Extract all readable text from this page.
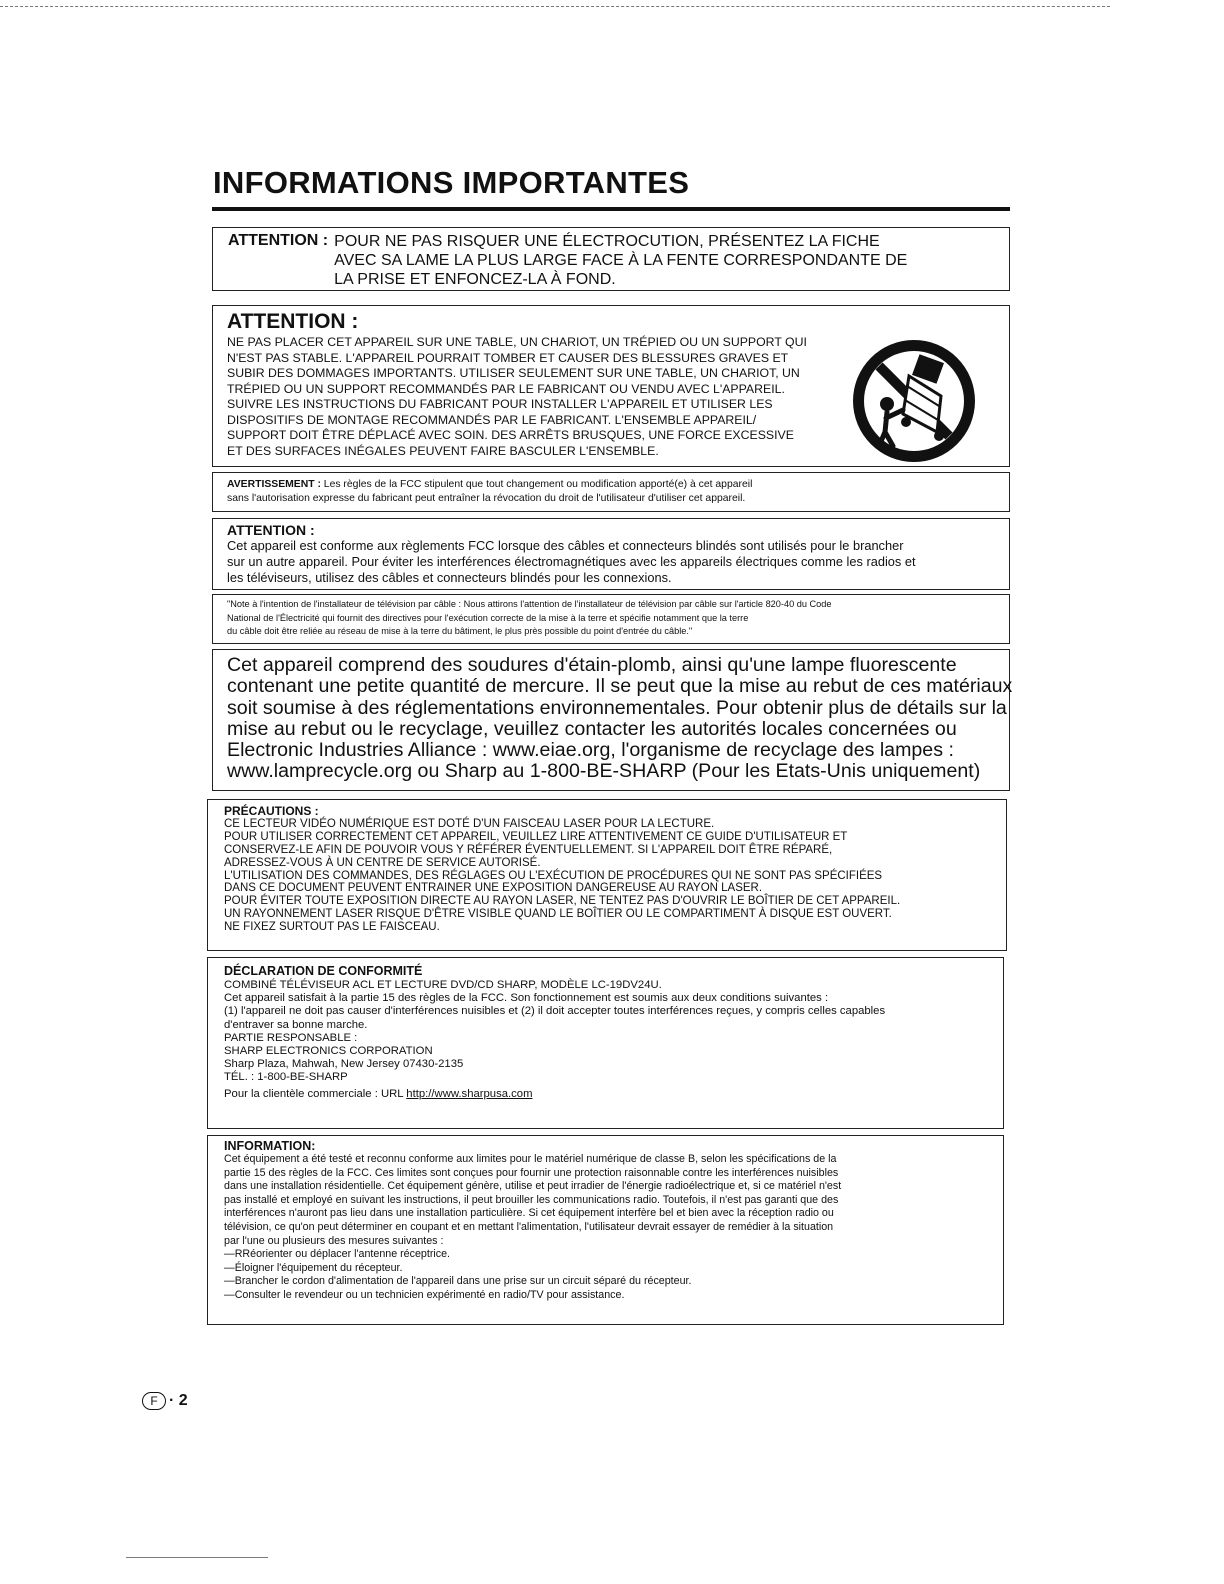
INFORMATIONS IMPORTANTES
ATTENTION : POUR NE PAS RISQUER UNE ÉLECTROCUTION, PRÉSENTEZ LA FICHE
AVEC SA LAME LA PLUS LARGE FACE À LA FENTE CORRESPONDANTE DE
LA PRISE ET ENFONCEZ-LA À FOND.
ATTENTION :
NE PAS PLACER CET APPAREIL SUR UNE TABLE, UN CHARIOT, UN TRÉPIED OU UN SUPPORT QUI
N'EST PAS STABLE. L'APPAREIL POURRAIT TOMBER ET CAUSER DES BLESSURES GRAVES ET
SUBIR DES DOMMAGES IMPORTANTS. UTILISER SEULEMENT SUR UNE TABLE, UN CHARIOT, UN
TRÉPIED OU UN SUPPORT RECOMMANDÉS PAR LE FABRICANT OU VENDU AVEC L'APPAREIL.
SUIVRE LES INSTRUCTIONS DU FABRICANT POUR INSTALLER L'APPAREIL ET UTILISER LES
DISPOSITIFS DE MONTAGE RECOMMANDÉS PAR LE FABRICANT. L'ENSEMBLE APPAREIL/
SUPPORT DOIT ÊTRE DÉPLACÉ AVEC SOIN. DES ARRÊTS BRUSQUES, UNE FORCE EXCESSIVE
ET DES SURFACES INÉGALES PEUVENT FAIRE BASCULER L'ENSEMBLE.
AVERTISSEMENT : Les règles de la FCC stipulent que tout changement ou modification apporté(e) à cet appareil
sans l'autorisation expresse du fabricant peut entraîner la révocation du droit de l'utilisateur d'utiliser cet appareil.
ATTENTION :
Cet appareil est conforme aux règlements FCC lorsque des câbles et connecteurs blindés sont utilisés pour le brancher
sur un autre appareil. Pour éviter les interférences électromagnétiques avec les appareils électriques comme les radios et
les téléviseurs, utilisez des câbles et connecteurs blindés pour les connexions.
"Note à l'intention de l'installateur de télévision par câble : Nous attirons l'attention de l'installateur de télévision par câble sur l'article 820-40 du Code
National de l'Électricité qui fournit des directives pour l'exécution correcte de la mise à la terre et spécifie notamment que la terre
du câble doit être reliée au réseau de mise à la terre du bâtiment, le plus près possible du point d'entrée du câble."
Cet appareil comprend des soudures d'étain-plomb, ainsi qu'une lampe fluorescente
contenant une petite quantité de mercure. Il se peut que la mise au rebut de ces matériaux
soit soumise à des réglementations environnementales. Pour obtenir plus de détails sur la
mise au rebut ou le recyclage, veuillez contacter les autorités locales concernées ou
Electronic Industries Alliance : www.eiae.org, l'organisme de recyclage des lampes :
www.lamprecycle.org ou Sharp au 1-800-BE-SHARP (Pour les Etats-Unis uniquement)
PRÉCAUTIONS :
CE LECTEUR VIDÉO NUMÉRIQUE EST DOTÉ D'UN FAISCEAU LASER POUR LA LECTURE.
POUR UTILISER CORRECTEMENT CET APPAREIL, VEUILLEZ LIRE ATTENTIVEMENT CE GUIDE D'UTILISATEUR ET
CONSERVEZ-LE AFIN DE POUVOIR VOUS Y RÉFÉRER ÉVENTUELLEMENT. SI L'APPAREIL DOIT ÊTRE RÉPARÉ,
ADRESSEZ-VOUS À UN CENTRE DE SERVICE AUTORISÉ.
L'UTILISATION DES COMMANDES, DES RÉGLAGES OU L'EXÉCUTION DE PROCÉDURES QUI NE SONT PAS SPÉCIFIÉES
DANS CE DOCUMENT PEUVENT ENTRAINER UNE EXPOSITION DANGEREUSE AU RAYON LASER.
POUR ÉVITER TOUTE EXPOSITION DIRECTE AU RAYON LASER, NE TENTEZ PAS D'OUVRIR LE BOÎTIER DE CET APPAREIL.
UN RAYONNEMENT LASER RISQUE D'ÊTRE VISIBLE QUAND LE BOÎTIER OU LE COMPARTIMENT À DISQUE EST OUVERT.
NE FIXEZ SURTOUT PAS LE FAISCEAU.
DÉCLARATION DE CONFORMITÉ
COMBINÉ TÉLÉVISEUR ACL ET LECTURE DVD/CD SHARP, MODÈLE LC-19DV24U.
Cet appareil satisfait à la partie 15 des règles de la FCC. Son fonctionnement est soumis aux deux conditions suivantes :
(1) l'appareil ne doit pas causer d'interférences nuisibles et (2) il doit accepter toutes interférences reçues, y compris celles capables
d'entraver sa bonne marche.
PARTIE RESPONSABLE :
SHARP ELECTRONICS CORPORATION
Sharp Plaza, Mahwah, New Jersey 07430-2135
TÉL. : 1-800-BE-SHARP
Pour la clientèle commerciale : URL http://www.sharpusa.com
INFORMATION:
Cet équipement a été testé et reconnu conforme aux limites pour le matériel numérique de classe B, selon les spécifications de la
partie 15 des règles de la FCC. Ces limites sont conçues pour fournir une protection raisonnable contre les interférences nuisibles
dans une installation résidentielle. Cet équipement génère, utilise et peut irradier de l'énergie radioélectrique et, si ce matériel n'est
pas installé et employé en suivant les instructions, il peut brouiller les communications radio. Toutefois, il n'est pas garanti que des
interférences n'auront pas lieu dans une installation particulière. Si cet équipement interfère bel et bien avec la réception radio ou
télévision, ce qu'on peut déterminer en coupant et en mettant l'alimentation, l'utilisateur devrait essayer de remédier à la situation
par l'une ou plusieurs des mesures suivantes :
—RRéorienter ou déplacer l'antenne réceptrice.
—Éloigner l'équipement du récepteur.
—Brancher le cordon d'alimentation de l'appareil dans une prise sur un circuit séparé du récepteur.
—Consulter le revendeur ou un technicien expérimenté en radio/TV pour assistance.
F · 2
